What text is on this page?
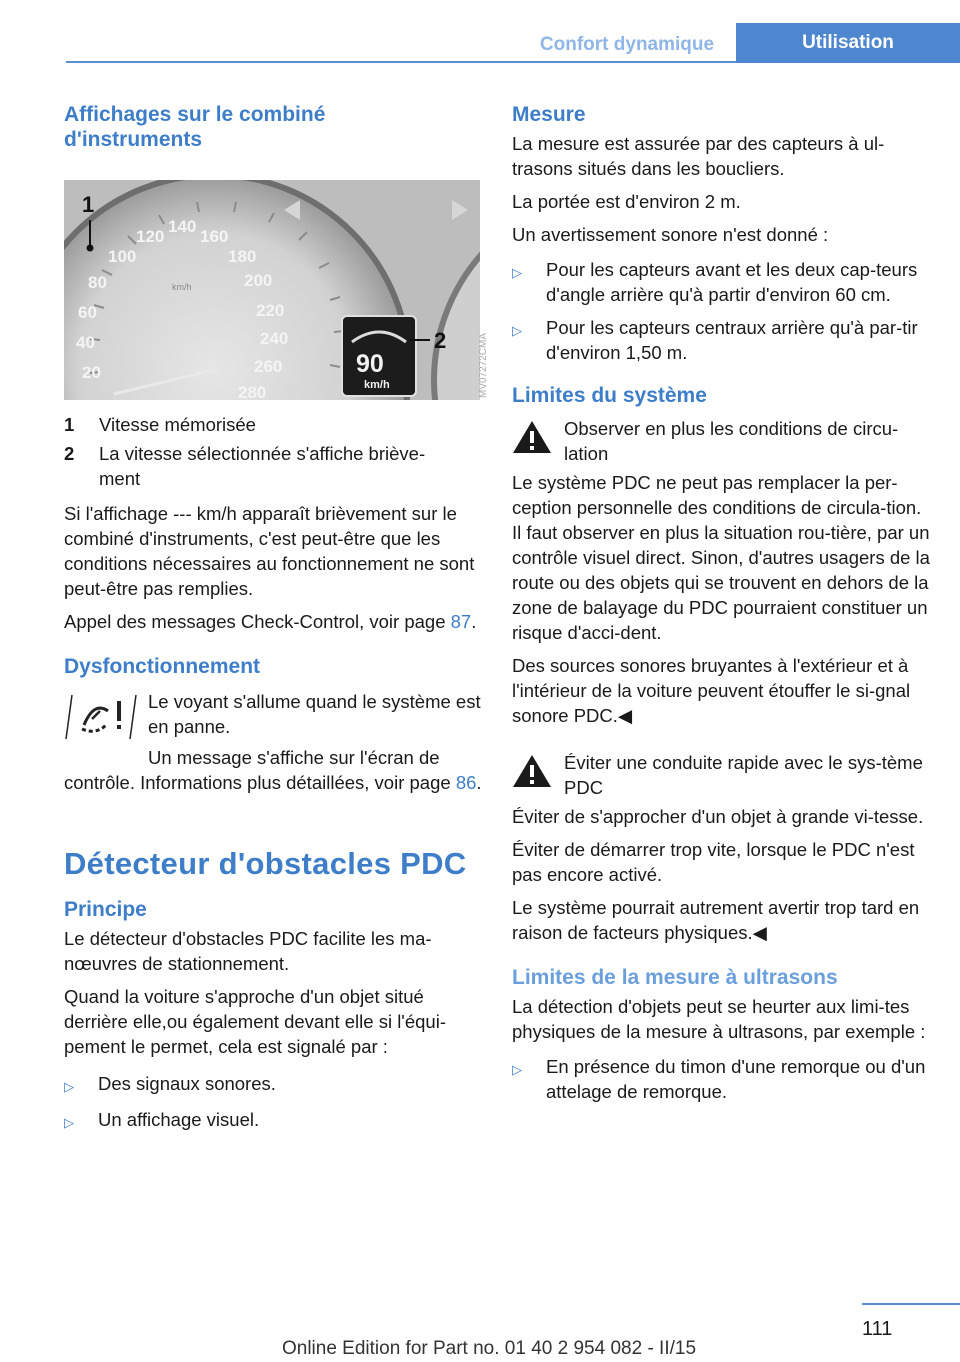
Confort dynamique	Utilisation
Affichages sur le combiné d'instruments
100
80
60
40
20
120
140
160
180
200
220
240
260
280
km/h
1
90
km/h
2	MV07272CMA
1	Vitesse mémorisée
2	La vitesse sélectionnée s'affiche briève-ment

Si l'affichage --- km/h apparaît brièvement sur le combiné d'instruments, c'est peut-être que les conditions nécessaires au fonctionnement ne sont peut-être pas remplies.

Appel des messages Check-Control, voir page 87.

Dysfonctionnement

Le voyant s'allume quand le système est en panne.

Un message s'affiche sur l'écran de contrôle. Informations plus détaillées, voir page 86.

Détecteur d'obstacles PDC
Principe

Le détecteur d'obstacles PDC facilite les ma-nœuvres de stationnement.

Quand la voiture s'approche d'un objet situé derrière elle,ou également devant elle si l'équi-pement le permet, cela est signalé par :

▷	Des signaux sonores.
▷	Un affichage visuel.
Mesure

La mesure est assurée par des capteurs à ul-trasons situés dans les boucliers.

La portée est d'environ 2 m.

Un avertissement sonore n'est donné :

▷	Pour les capteurs avant et les deux cap-teurs d'angle arrière qu'à partir d'environ 60 cm.
▷	Pour les capteurs centraux arrière qu'à par-tir d'environ 1,50 m.
Limites du système

Observer en plus les conditions de circu-lation

Le système PDC ne peut pas remplacer la per-ception personnelle des conditions de circula-tion. Il faut observer en plus la situation rou-tière, par un contrôle visuel direct. Sinon, d'autres usagers de la route ou des objets qui se trouvent en dehors de la zone de balayage du PDC pourraient constituer un risque d'acci-dent.

Des sources sonores bruyantes à l'extérieur et à l'intérieur de la voiture peuvent étouffer le si-gnal sonore PDC.◀

Éviter une conduite rapide avec le sys-tème PDC

Éviter de s'approcher d'un objet à grande vi-tesse.

Éviter de démarrer trop vite, lorsque le PDC n'est pas encore activé.

Le système pourrait autrement avertir trop tard en raison de facteurs physiques.◀

Limites de la mesure à ultrasons

La détection d'objets peut se heurter aux limi-tes physiques de la mesure à ultrasons, par exemple :

▷	En présence du timon d'une remorque ou d'un attelage de remorque.
111
Online Edition for Part no. 01 40 2 954 082 - II/15
